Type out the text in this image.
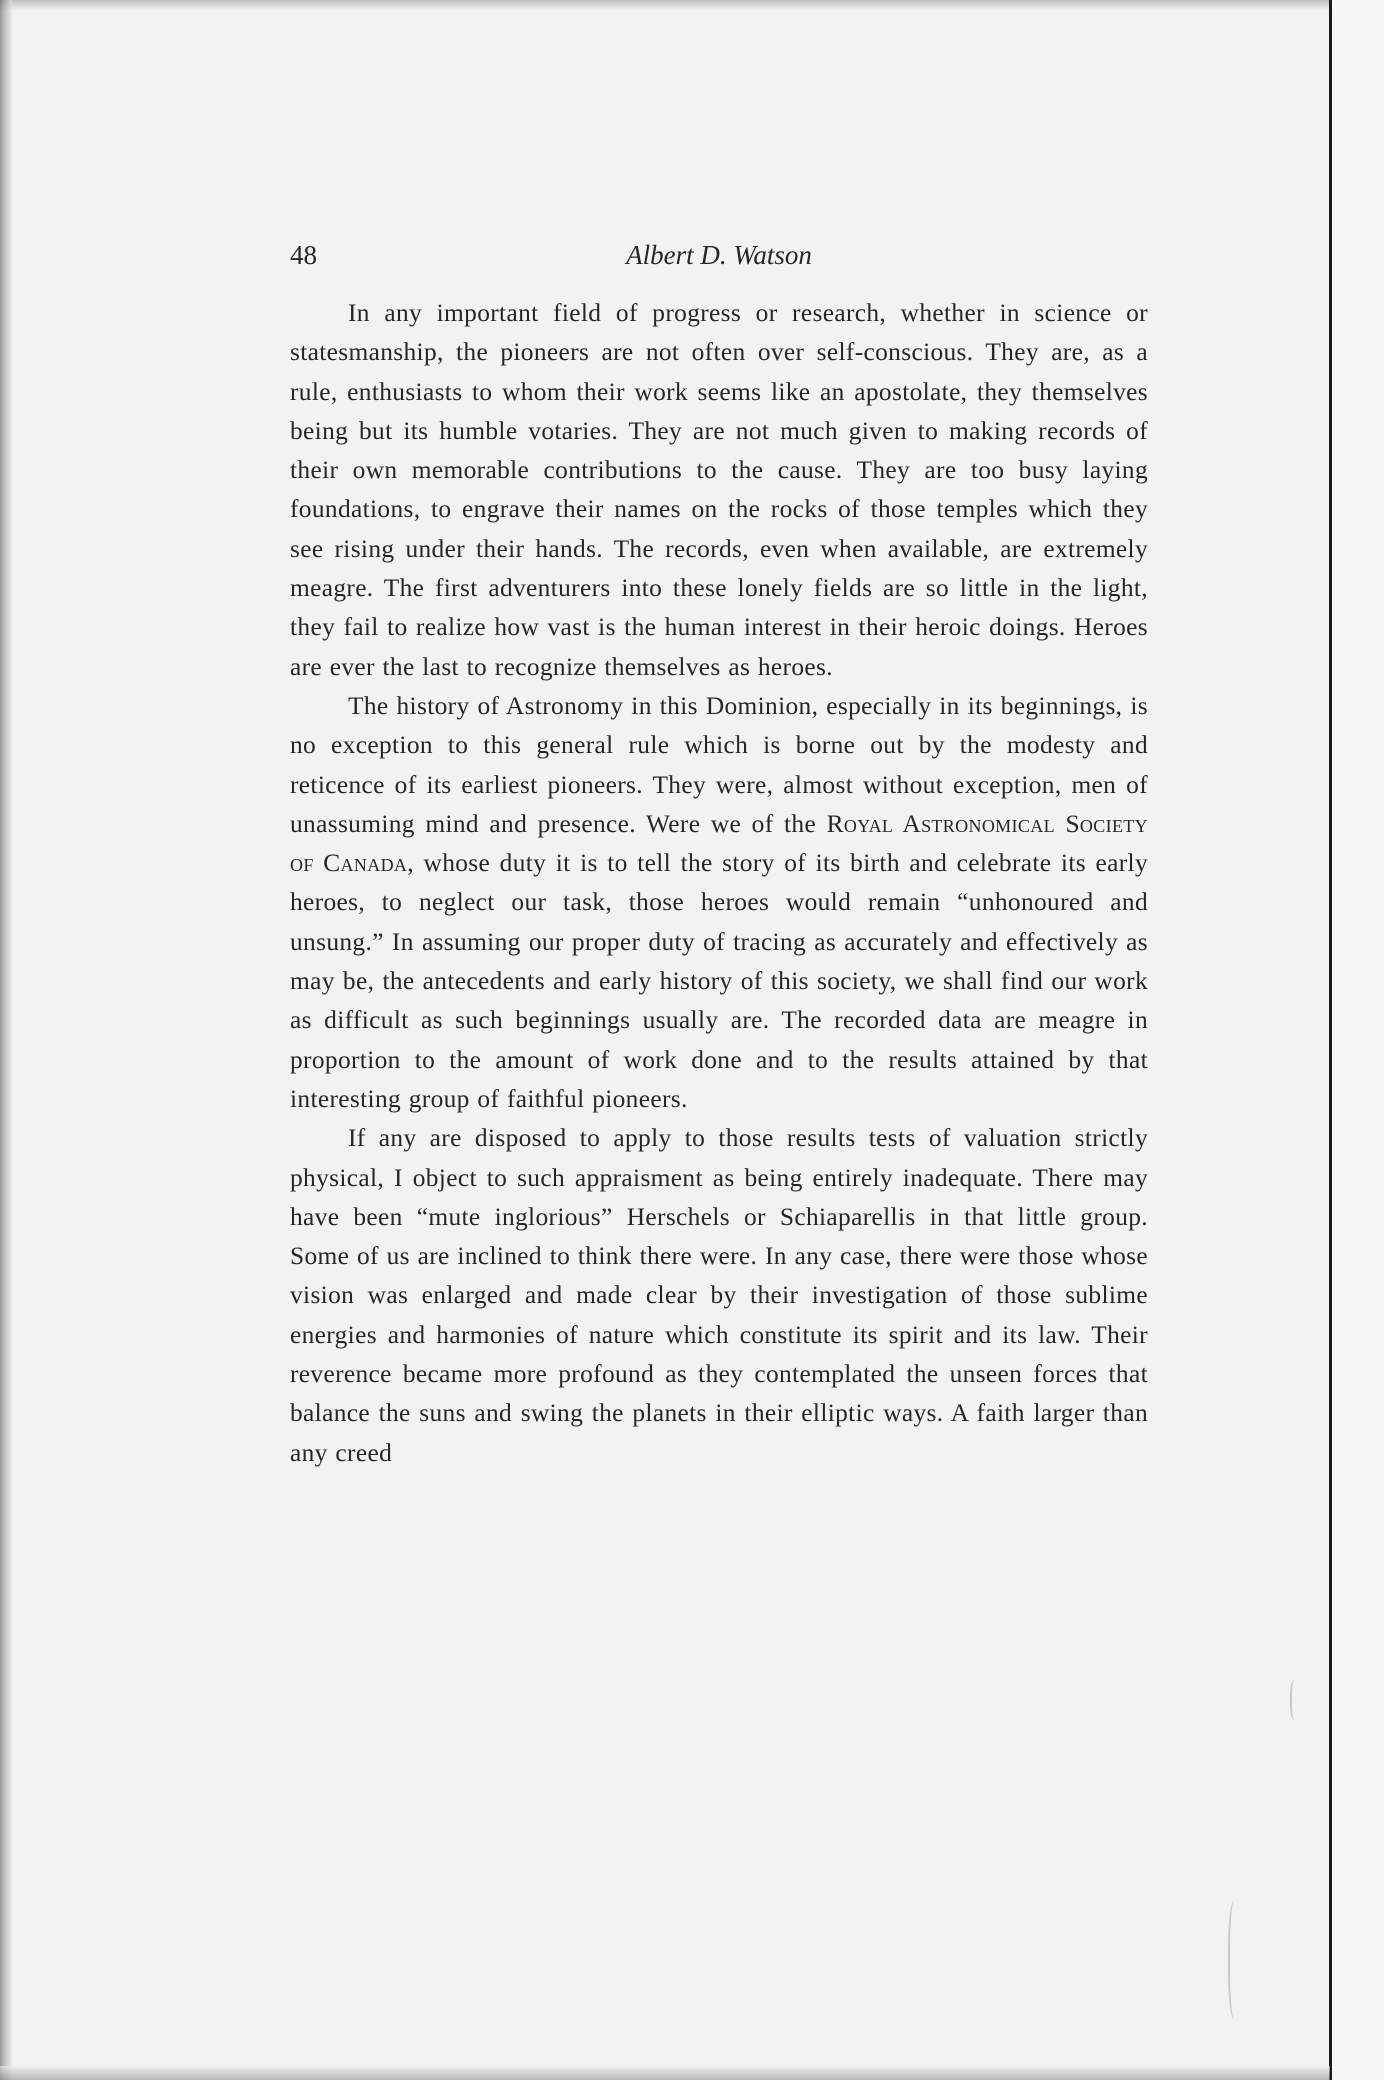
48	Albert D. Watson

In any important field of progress or research, whether in science or statesmanship, the pioneers are not often over self-conscious. They are, as a rule, enthusiasts to whom their work seems like an apostolate, they themselves being but its humble votaries. They are not much given to making records of their own memorable contributions to the cause. They are too busy laying foundations, to engrave their names on the rocks of those temples which they see rising under their hands. The records, even when available, are extremely meagre. The first adventurers into these lonely fields are so little in the light, they fail to realize how vast is the human interest in their heroic doings. Heroes are ever the last to recognize themselves as heroes.

The history of Astronomy in this Dominion, especially in its beginnings, is no exception to this general rule which is borne out by the modesty and reticence of its earliest pioneers. They were, almost without exception, men of unassuming mind and presence. Were we of the Royal Astronomical Society of Canada, whose duty it is to tell the story of its birth and celebrate its early heroes, to neglect our task, those heroes would remain “unhonoured and unsung.” In assuming our proper duty of tracing as accurately and effectively as may be, the antecedents and early history of this society, we shall find our work as difficult as such beginnings usually are. The recorded data are meagre in proportion to the amount of work done and to the results attained by that interesting group of faithful pioneers.

If any are disposed to apply to those results tests of valuation strictly physical, I object to such appraisment as being entirely inadequate. There may have been “mute inglorious” Herschels or Schiaparellis in that little group. Some of us are inclined to think there were. In any case, there were those whose vision was enlarged and made clear by their investigation of those sublime energies and harmonies of nature which constitute its spirit and its law. Their reverence became more profound as they contemplated the unseen forces that balance the suns and swing the planets in their elliptic ways. A faith larger than any creed
